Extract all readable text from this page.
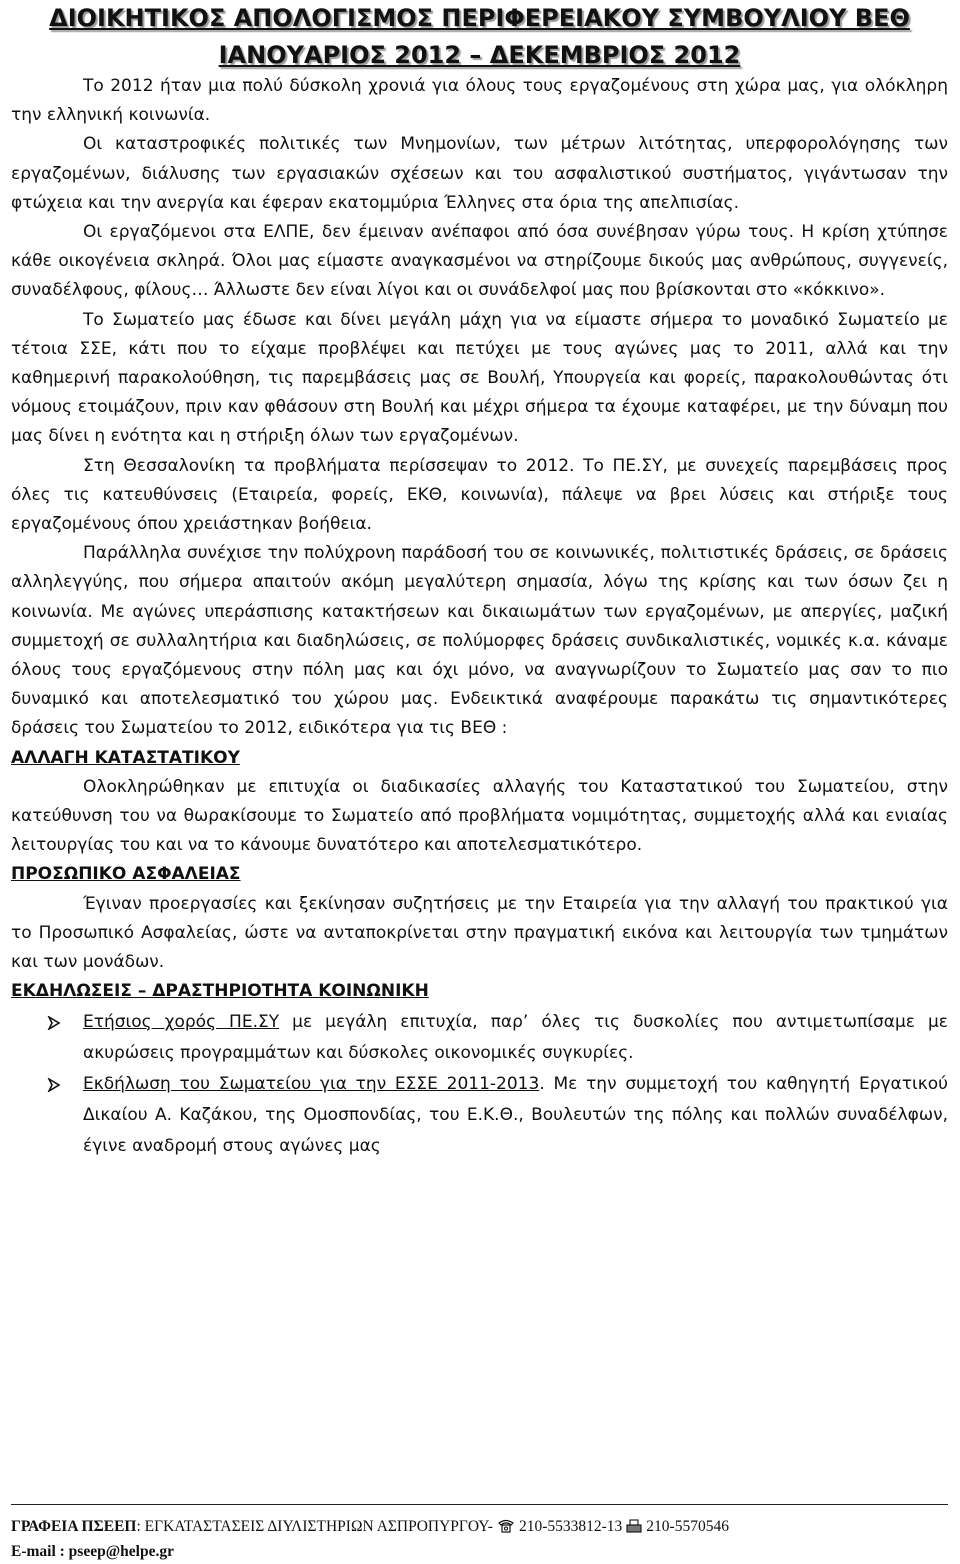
ΔΙΟΙΚΗΤΙΚΟΣ ΑΠΟΛΟΓΙΣΜΟΣ ΠΕΡΙΦΕΡΕΙΑΚΟΥ ΣΥΜΒΟΥΛΙΟΥ ΒΕΘ
ΙΑΝΟΥΑΡΙΟΣ 2012 – ΔΕΚΕΜΒΡΙΟΣ 2012

Το 2012 ήταν μια πολύ δύσκολη χρονιά για όλους τους εργαζομένους στη χώρα μας, για ολόκληρη την ελληνική κοινωνία.

Οι καταστροφικές πολιτικές των Μνημονίων, των μέτρων λιτότητας, υπερφορολόγησης των εργαζομένων, διάλυσης των εργασιακών σχέσεων και του ασφαλιστικού συστήματος, γιγάντωσαν την φτώχεια και την ανεργία και έφεραν εκατομμύρια Έλληνες στα όρια της απελπισίας.

Οι εργαζόμενοι στα ΕΛΠΕ, δεν έμειναν ανέπαφοι από όσα συνέβησαν γύρω τους. Η κρίση χτύπησε κάθε οικογένεια σκληρά. Όλοι μας είμαστε αναγκασμένοι να στηρίζουμε δικούς μας ανθρώπους, συγγενείς, συναδέλφους, φίλους… Άλλωστε δεν είναι λίγοι και οι συνάδελφοί μας που βρίσκονται στο «κόκκινο».

Το Σωματείο μας έδωσε και δίνει μεγάλη μάχη για να είμαστε σήμερα το μοναδικό Σωματείο με τέτοια ΣΣΕ, κάτι που το είχαμε προβλέψει και πετύχει με τους αγώνες μας το 2011, αλλά και την καθημερινή παρακολούθηση, τις παρεμβάσεις μας σε Βουλή, Υπουργεία και φορείς, παρακολουθώντας ότι νόμους ετοιμάζουν, πριν καν φθάσουν στη Βουλή και μέχρι σήμερα τα έχουμε καταφέρει, με την δύναμη που μας δίνει η ενότητα και η στήριξη όλων των εργαζομένων.

Στη Θεσσαλονίκη τα προβλήματα περίσσεψαν το 2012. Το ΠΕ.ΣΥ, με συνεχείς παρεμβάσεις προς όλες τις κατευθύνσεις (Εταιρεία, φορείς, ΕΚΘ, κοινωνία), πάλεψε να βρει λύσεις και στήριξε τους εργαζομένους όπου χρειάστηκαν βοήθεια.

Παράλληλα συνέχισε την πολύχρονη παράδοσή του σε κοινωνικές, πολιτιστικές δράσεις, σε δράσεις αλληλεγγύης, που σήμερα απαιτούν ακόμη μεγαλύτερη σημασία, λόγω της κρίσης και των όσων ζει η κοινωνία. Με αγώνες υπεράσπισης κατακτήσεων και δικαιωμάτων των εργαζομένων, με απεργίες, μαζική συμμετοχή σε συλλαλητήρια και διαδηλώσεις, σε πολύμορφες δράσεις συνδικαλιστικές, νομικές κ.α. κάναμε όλους τους εργαζόμενους στην πόλη μας και όχι μόνο, να αναγνωρίζουν το Σωματείο μας σαν το πιο δυναμικό και αποτελεσματικό του χώρου μας. Ενδεικτικά αναφέρουμε παρακάτω τις σημαντικότερες δράσεις του Σωματείου το 2012, ειδικότερα για τις ΒΕΘ :

ΑΛΛΑΓΗ ΚΑΤΑΣΤΑΤΙΚΟΥ

Ολοκληρώθηκαν με επιτυχία οι διαδικασίες αλλαγής του Καταστατικού του Σωματείου, στην κατεύθυνση του να θωρακίσουμε το Σωματείο από προβλήματα νομιμότητας, συμμετοχής αλλά και ενιαίας λειτουργίας του και να το κάνουμε δυνατότερο και αποτελεσματικότερο.

ΠΡΟΣΩΠΙΚΟ ΑΣΦΑΛΕΙΑΣ

Έγιναν προεργασίες και ξεκίνησαν συζητήσεις με την Εταιρεία για την αλλαγή του πρακτικού για το Προσωπικό Ασφαλείας, ώστε να ανταποκρίνεται στην πραγματική εικόνα και λειτουργία των τμημάτων και των μονάδων.

ΕΚΔΗΛΩΣΕΙΣ – ΔΡΑΣΤΗΡΙΟΤΗΤΑ ΚΟΙΝΩΝΙΚΗ
Ετήσιος χορός ΠΕ.ΣΥ με μεγάλη επιτυχία, παρ’ όλες τις δυσκολίες που αντιμετωπίσαμε με ακυρώσεις προγραμμάτων και δύσκολες οικονομικές συγκυρίες.
Εκδήλωση του Σωματείου για την ΕΣΣΕ 2011-2013. Με την συμμετοχή του καθηγητή Εργατικού Δικαίου Α. Καζάκου, της Ομοσπονδίας, του Ε.Κ.Θ., Βουλευτών της πόλης και πολλών συναδέλφων, έγινε αναδρομή στους αγώνες μας
ΓΡΑΦΕΙΑ ΠΣΕΕΠ: ΕΓΚΑΤΑΣΤΑΣΕΙΣ ΔΙΥΛΙΣΤΗΡΙΩΝ ΑΣΠΡΟΠΥΡΓΟΥ- 210-5533812-13 210-5570546
E-mail : pseep@helpe.gr
